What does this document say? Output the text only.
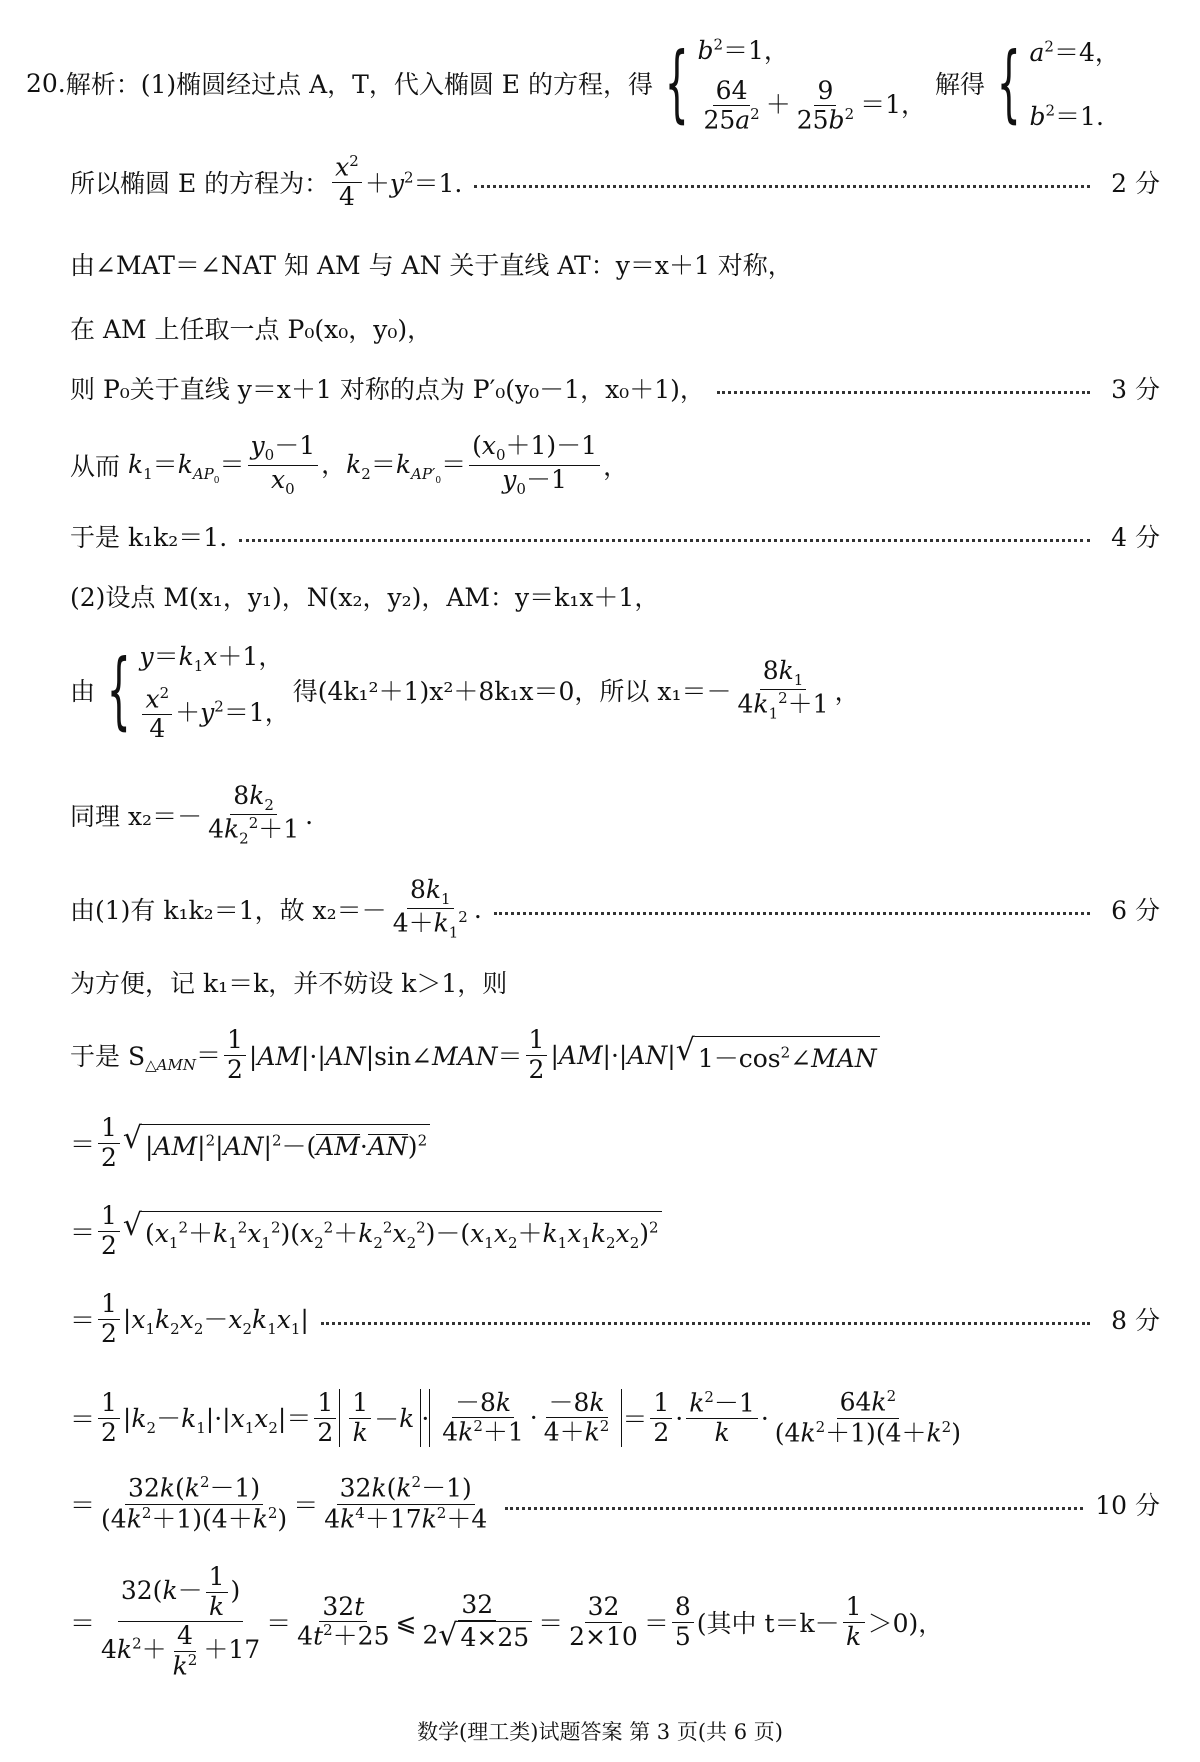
20. 解析：(1)椭圆经过点 A，T，代入椭圆 E 的方程，得 { $b^2=1$，
$\frac{64}{25a^2} + \frac{9}{25b^2} =1$，
解得 { $a^2=4$，
$b^2=1$.
所以椭圆 E 的方程为： $\frac{x^2}{4} +y^2=1$.	2 分
由∠MAT＝∠NAT 知 AM 与 AN 关于直线 AT：y＝x＋1 对称，
在 AM 上任取一点 P₀(x₀，y₀)，
则 P₀关于直线 y＝x＋1 对称的点为 P′₀(y₀－1，x₀＋1)，	3 分
从而 $k_1=k_{AP_0}= \frac{y_0-1}{x_0}$ ，$k_2=k_{AP'_0}= \frac{(x_0+1)-1}{y_0-1}$ ，
于是 k₁k₂＝1.	4 分
(2)设点 M(x₁，y₁)，N(x₂，y₂)，AM：y＝k₁x＋1，
由 { $y=k_1x+1$，
$\frac{x^2}{4} +y^2=1$，
得(4k₁²＋1)x²＋8k₁x＝0，所以 $x_1=- \frac{8k_1}{4k_1^2+1}$ ，
同理 $x_2=- \frac{8k_2}{4k_2^2+1}$ .
由(1)有 k₁k₂＝1，故 $x_2=- \frac{8k_1}{4+k_1^2}$ .	6 分
为方便，记 k₁＝k，并不妨设 k＞1，则
于是 S $_{\triangle AMN}= \frac{1}{2}$ |AM|·|AN|sin∠MAN＝ $\frac{1}{2} |AM|\cdot|AN|$ √ $1-\cos^2\angle MAN$
＝ $\frac{1}{2}$ √ $|AM|^2|AN|^2-(AM\cdot AN)^2$
＝ $\frac{1}{2}$ √ $(x_1^2+k_1^2x_1^2)(x_2^2+k_2^2x_2^2)-(x_1x_2+k_1x_1k_2x_2)^2$
＝ $\frac{1}{2} |x_1k_2x_2-x_2k_1x_1|$	8 分
＝ $\frac{1}{2} |k_2-k_1|\cdot|x_1x_2|= \frac{1}{2} \frac{1}{k} - k \cdot \frac{-8k}{4k^2+1} \cdot \frac{-8k}{4+k^2} = \frac{1}{2} \cdot \frac{k^2-1}{k} \cdot \frac{64k^2}{(4k^2+1)(4+k^2)}$
＝ $\frac{32k(k^2-1)}{(4k^2+1)(4+k^2)} = \frac{32k(k^2-1)}{4k^4+17k^2+4}$	10 分
＝ $\frac{32(k- \frac{1}{k} )}{4k^2+ \frac{4}{k^2} +17} = \frac{32t}{4t^2+25}$ ⩽ $\frac{32}{2 √ 4\times 25} = \frac{32}{2\times 10} = \frac{8}{5}$ (其中 $t=k- \frac{1}{k} >0$)，
数学(理工类)试题答案 第 3 页(共 6 页)
